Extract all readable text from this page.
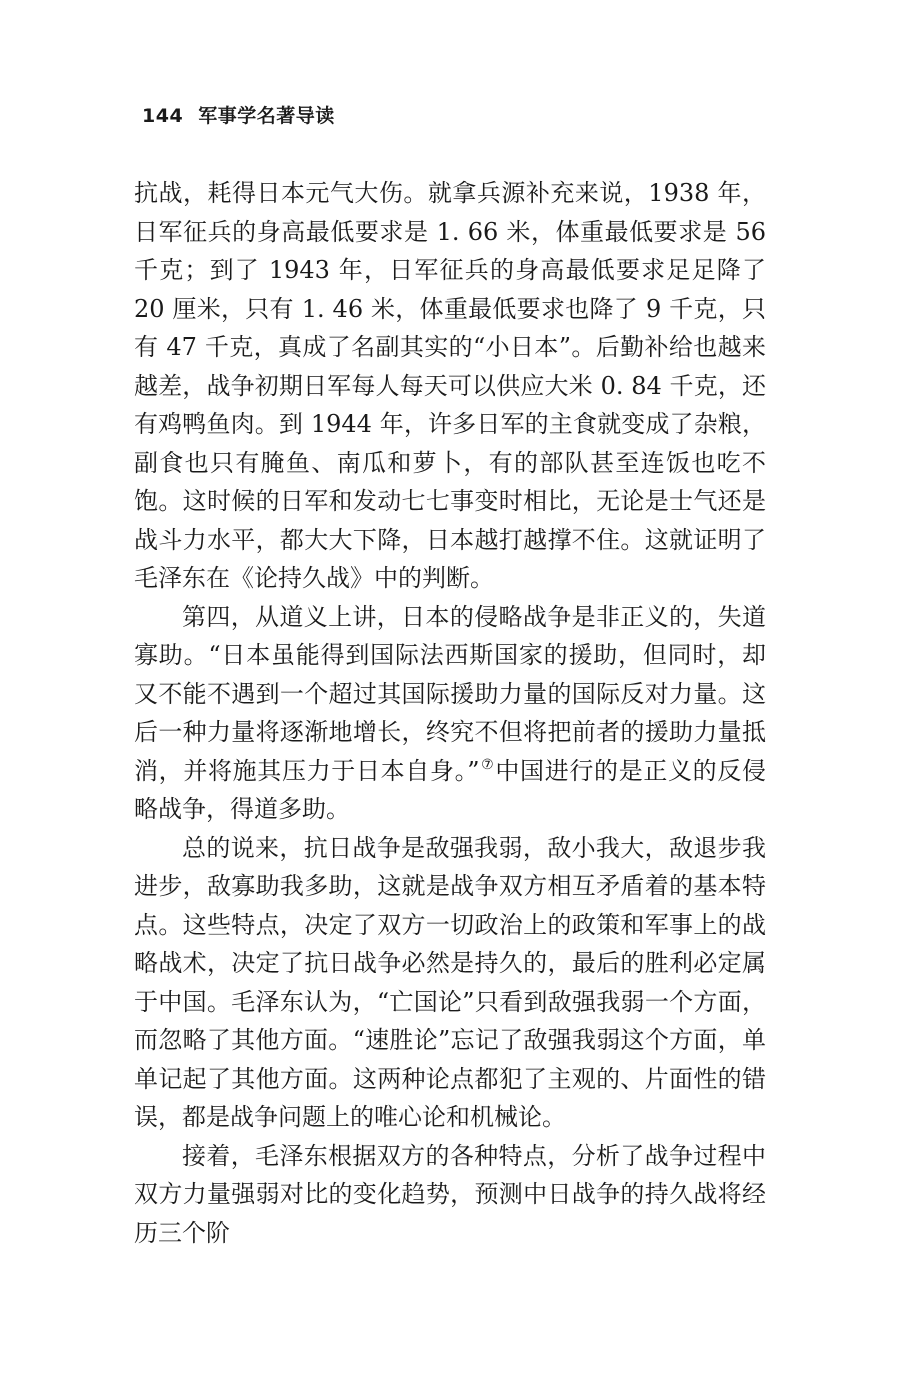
144 军事学名著导读

抗战，耗得日本元气大伤。就拿兵源补充来说，1938 年，日军征兵的身高最低要求是 1. 66 米，体重最低要求是 56 千克；到了 1943 年，日军征兵的身高最低要求足足降了 20 厘米，只有 1. 46 米，体重最低要求也降了 9 千克，只有 47 千克，真成了名副其实的“小日本”。后勤补给也越来越差，战争初期日军每人每天可以供应大米 0. 84 千克，还有鸡鸭鱼肉。到 1944 年，许多日军的主食就变成了杂粮，副食也只有腌鱼、南瓜和萝卜，有的部队甚至连饭也吃不饱。这时候的日军和发动七七事变时相比，无论是士气还是战斗力水平，都大大下降，日本越打越撑不住。这就证明了毛泽东在《论持久战》中的判断。

第四，从道义上讲，日本的侵略战争是非正义的，失道寡助。“日本虽能得到国际法西斯国家的援助，但同时，却又不能不遇到一个超过其国际援助力量的国际反对力量。这后一种力量将逐渐地增长，终究不但将把前者的援助力量抵消，并将施其压力于日本自身。”⑦中国进行的是正义的反侵略战争，得道多助。

总的说来，抗日战争是敌强我弱，敌小我大，敌退步我进步，敌寡助我多助，这就是战争双方相互矛盾着的基本特点。这些特点，决定了双方一切政治上的政策和军事上的战略战术，决定了抗日战争必然是持久的，最后的胜利必定属于中国。毛泽东认为，“亡国论”只看到敌强我弱一个方面，而忽略了其他方面。“速胜论”忘记了敌强我弱这个方面，单单记起了其他方面。这两种论点都犯了主观的、片面性的错误，都是战争问题上的唯心论和机械论。

接着，毛泽东根据双方的各种特点，分析了战争过程中双方力量强弱对比的变化趋势，预测中日战争的持久战将经历三个阶
